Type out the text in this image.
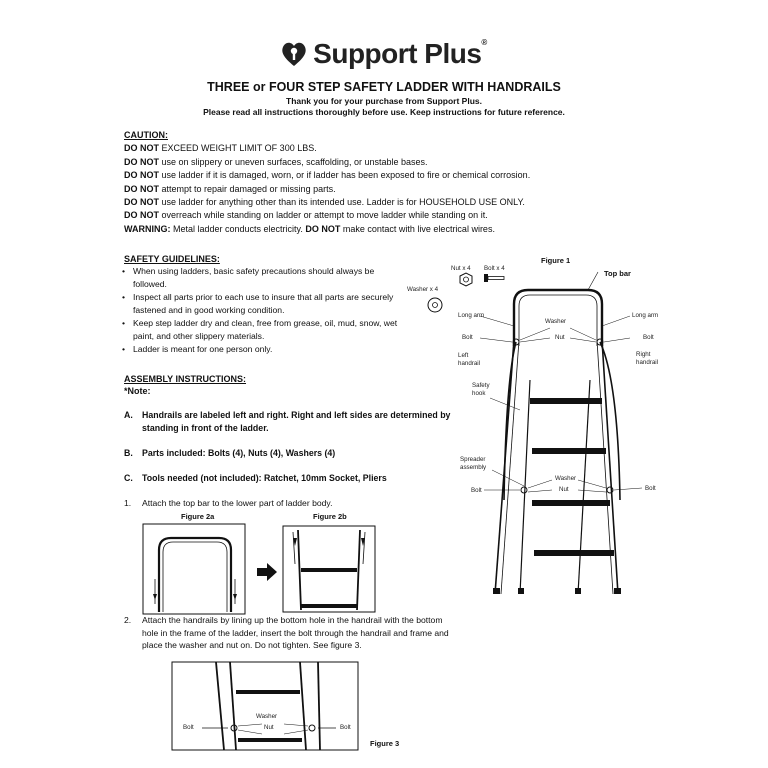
Support Plus®
THREE or FOUR STEP SAFETY LADDER WITH HANDRAILS
Thank you for your purchase from Support Plus.
Please read all instructions thoroughly before use. Keep instructions for future reference.
CAUTION:
DO NOT EXCEED WEIGHT LIMIT OF 300 LBS.
DO NOT use on slippery or uneven surfaces, scaffolding, or unstable bases.
DO NOT use ladder if it is damaged, worn, or if ladder has been exposed to fire or chemical corrosion.
DO NOT attempt to repair damaged or missing parts.
DO NOT use ladder for anything other than its intended use. Ladder is for HOUSEHOLD USE ONLY.
DO NOT overreach while standing on ladder or attempt to move ladder while standing on it.
WARNING: Metal ladder conducts electricity. DO NOT make contact with live electrical wires.
SAFETY GUIDELINES:
• When using ladders, basic safety precautions should always be followed.
• Inspect all parts prior to each use to insure that all parts are securely fastened and in good working condition.
• Keep step ladder dry and clean, free from grease, oil, mud, snow, wet paint, and other slippery materials.
• Ladder is meant for one person only.
ASSEMBLY INSTRUCTIONS:
*Note:
A.	Handrails are labeled left and right. Right and left sides are determined by standing in front of the ladder.
B.	Parts included: Bolts (4), Nuts (4), Washers (4)
C.	Tools needed (not included): Ratchet, 10mm Socket, Pliers
1.	Attach the top bar to the lower part of ladder body.
Figure 2a	Figure 2b
2.	Attach the handrails by lining up the bottom hole in the handrail with the bottom hole in the frame of the ladder, insert the bolt through the handrail and frame and place the washer and nut on. Do not tighten. See figure 3.
Washer
Nut
Bolt	Bolt
Figure 3
Figure 1
Nut x 4 Bolt x 4
Washer x 4
Top bar
Long arm	Long arm
Washer
Bolt	Nut	Bolt
Left handrail
Right handrail
Safety hook
Spreader assembly
Washer
Bolt	Nut	Bolt
